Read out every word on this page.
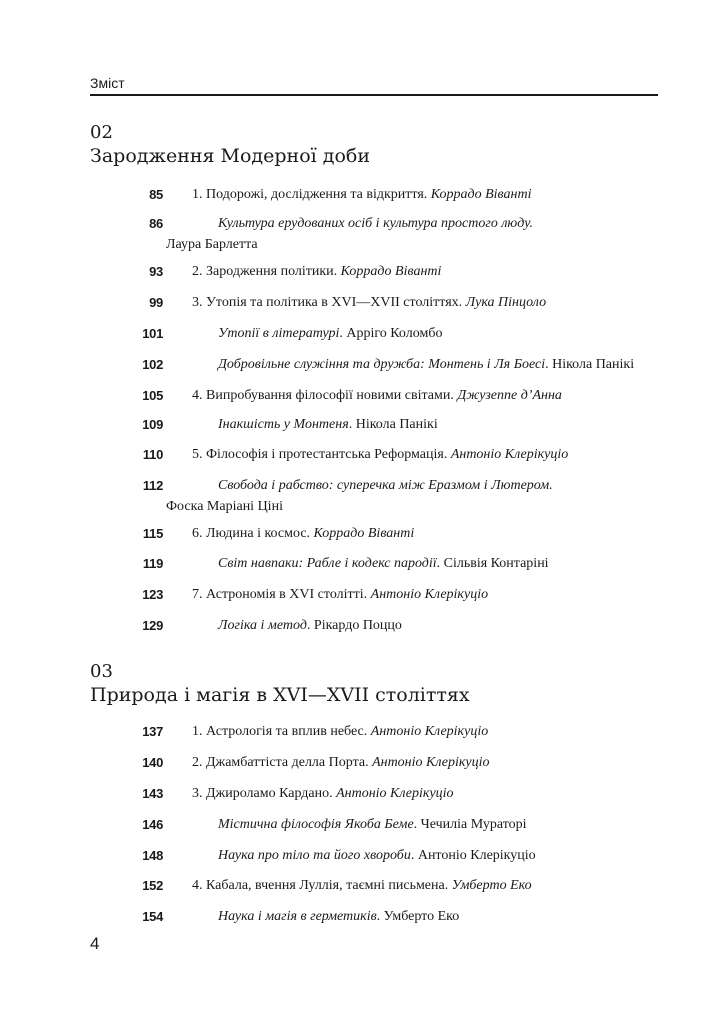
Зміст

02

Зародження Модерної доби

85 1. Подорожі, дослідження та відкриття. Коррадо Віванті
86	Культура ерудованих осіб і культура простого люду.
Лаура Барлетта
93 2. Зародження політики. Коррадо Віванті
99 3. Утопія та політика в XVI—XVII століттях. Лука Пінцоло
101	Утопії в літературі. Арріго Коломбо
102	Добровільне служіння та дружба: Монтень і Ля Боесі. Нікола Панікі
105 4. Випробування філософії новими світами. Джузеппе д’Анна
109	Інакшість у Монтеня. Нікола Панікі
110 5. Філософія і протестантська Реформація. Антоніо Клерікуціо
112	Свобода і рабство: суперечка між Еразмом і Лютером.
Фоска Маріані Ціні
115 6. Людина і космос. Коррадо Віванті
119	Світ навпаки: Рабле і кодекс пародії. Сільвія Контаріні
123 7. Астрономія в XVI столітті. Антоніо Клерікуціо
129	Логіка і метод. Рікардо Поццо

03

Природа і магія в XVI—XVII століттях

137 1. Астрологія та вплив небес. Антоніо Клерікуціо
140 2. Джамбаттіста делла Порта. Антоніо Клерікуціо
143 3. Джироламо Кардано. Антоніо Клерікуціо
146	Містична філософія Якоба Беме. Чечиліа Мураторі
148	Наука про тіло та його хвороби. Антоніо Клерікуціо
152 4. Кабала, вчення Луллія, таємні письмена. Умберто Еко
154	Наука і магія в герметиків. Умберто Еко
4
